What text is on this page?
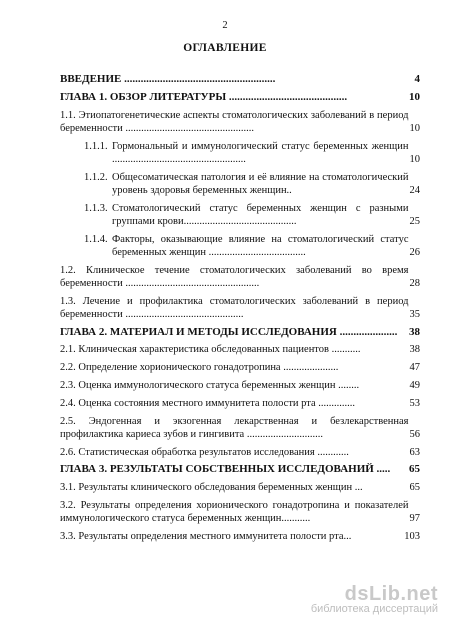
2
ОГЛАВЛЕНИЕ
ВВЕДЕНИЕ .......................................................	4
ГЛАВА 1. ОБЗОР ЛИТЕРАТУРЫ ...........................................	10
1.1. Этиопатогенетические аспекты стоматологических заболеваний в период беременности .................................................	10
1.1.1. Гормональный и иммунологический статус беременных женщин ...................................................	10
1.1.2. Общесоматическая патология и её влияние на стоматологический уровень здоровья беременных женщин..	24
1.1.3. Стоматологический статус беременных женщин с разными группами крови...........................................	25
1.1.4. Факторы, оказывающие влияние на стоматологический статус беременных женщин .....................................	26
1.2. Клиническое течение стоматологических заболеваний во время беременности ...................................................	28
1.3. Лечение и профилактика стоматологических заболеваний в период беременности .............................................	35
ГЛАВА 2. МАТЕРИАЛ И МЕТОДЫ ИССЛЕДОВАНИЯ .....................	38
2.1. Клиническая характеристика обследованных пациентов ...........	38
2.2. Определение хорионического гонадотропина .....................	47
2.3. Оценка иммунологического статуса беременных женщин ........	49
2.4. Оценка состояния местного иммунитета полости рта ..............	53
2.5. Эндогенная и экзогенная лекарственная и безлекарственная профилактика кариеса зубов и гингивита .............................	56
2.6. Статистическая обработка результатов исследования ............	63
ГЛАВА 3. РЕЗУЛЬТАТЫ СОБСТВЕННЫХ ИССЛЕДОВАНИЙ .....	65
3.1. Результаты клинического обследования беременных женщин ...	65
3.2. Результаты определения хорионического гонадотропина и показателей иммунологического статуса беременных женщин...........	97
3.3. Результаты определения местного иммунитета полости рта...	103
dsLib.net
библиотека диссертаций
